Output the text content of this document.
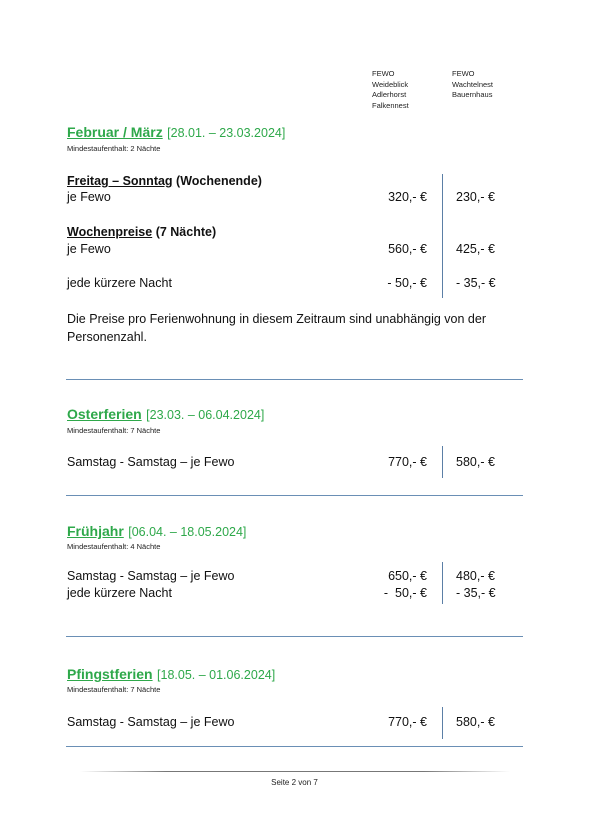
FEWO
Weideblick
Adlerhorst
Falkennest
FEWO
Wachtelnest
Bauernhaus
Februar / März [28.01. – 23.03.2024]
Mindestaufenthalt: 2 Nächte
Freitag – Sonntag (Wochenende)
je Fewo	320,- € 230,- €
Wochenpreise (7 Nächte)
je Fewo	560,- € 425,- €
jede kürzere Nacht	- 50,- € - 35,- €
Die Preise pro Ferienwohnung in diesem Zeitraum sind unabhängig von der Personenzahl.
Osterferien [23.03. – 06.04.2024]
Mindestaufenthalt: 7 Nächte
Samstag - Samstag – je Fewo	770,- € 580,- €
Frühjahr [06.04. – 18.05.2024]
Mindestaufenthalt: 4 Nächte
Samstag - Samstag – je Fewo	650,- € 480,- €
jede kürzere Nacht	-  50,- € - 35,- €
Pfingstferien [18.05. – 01.06.2024]
Mindestaufenthalt: 7 Nächte
Samstag - Samstag – je Fewo	770,- € 580,- €
Seite 2 von 7
